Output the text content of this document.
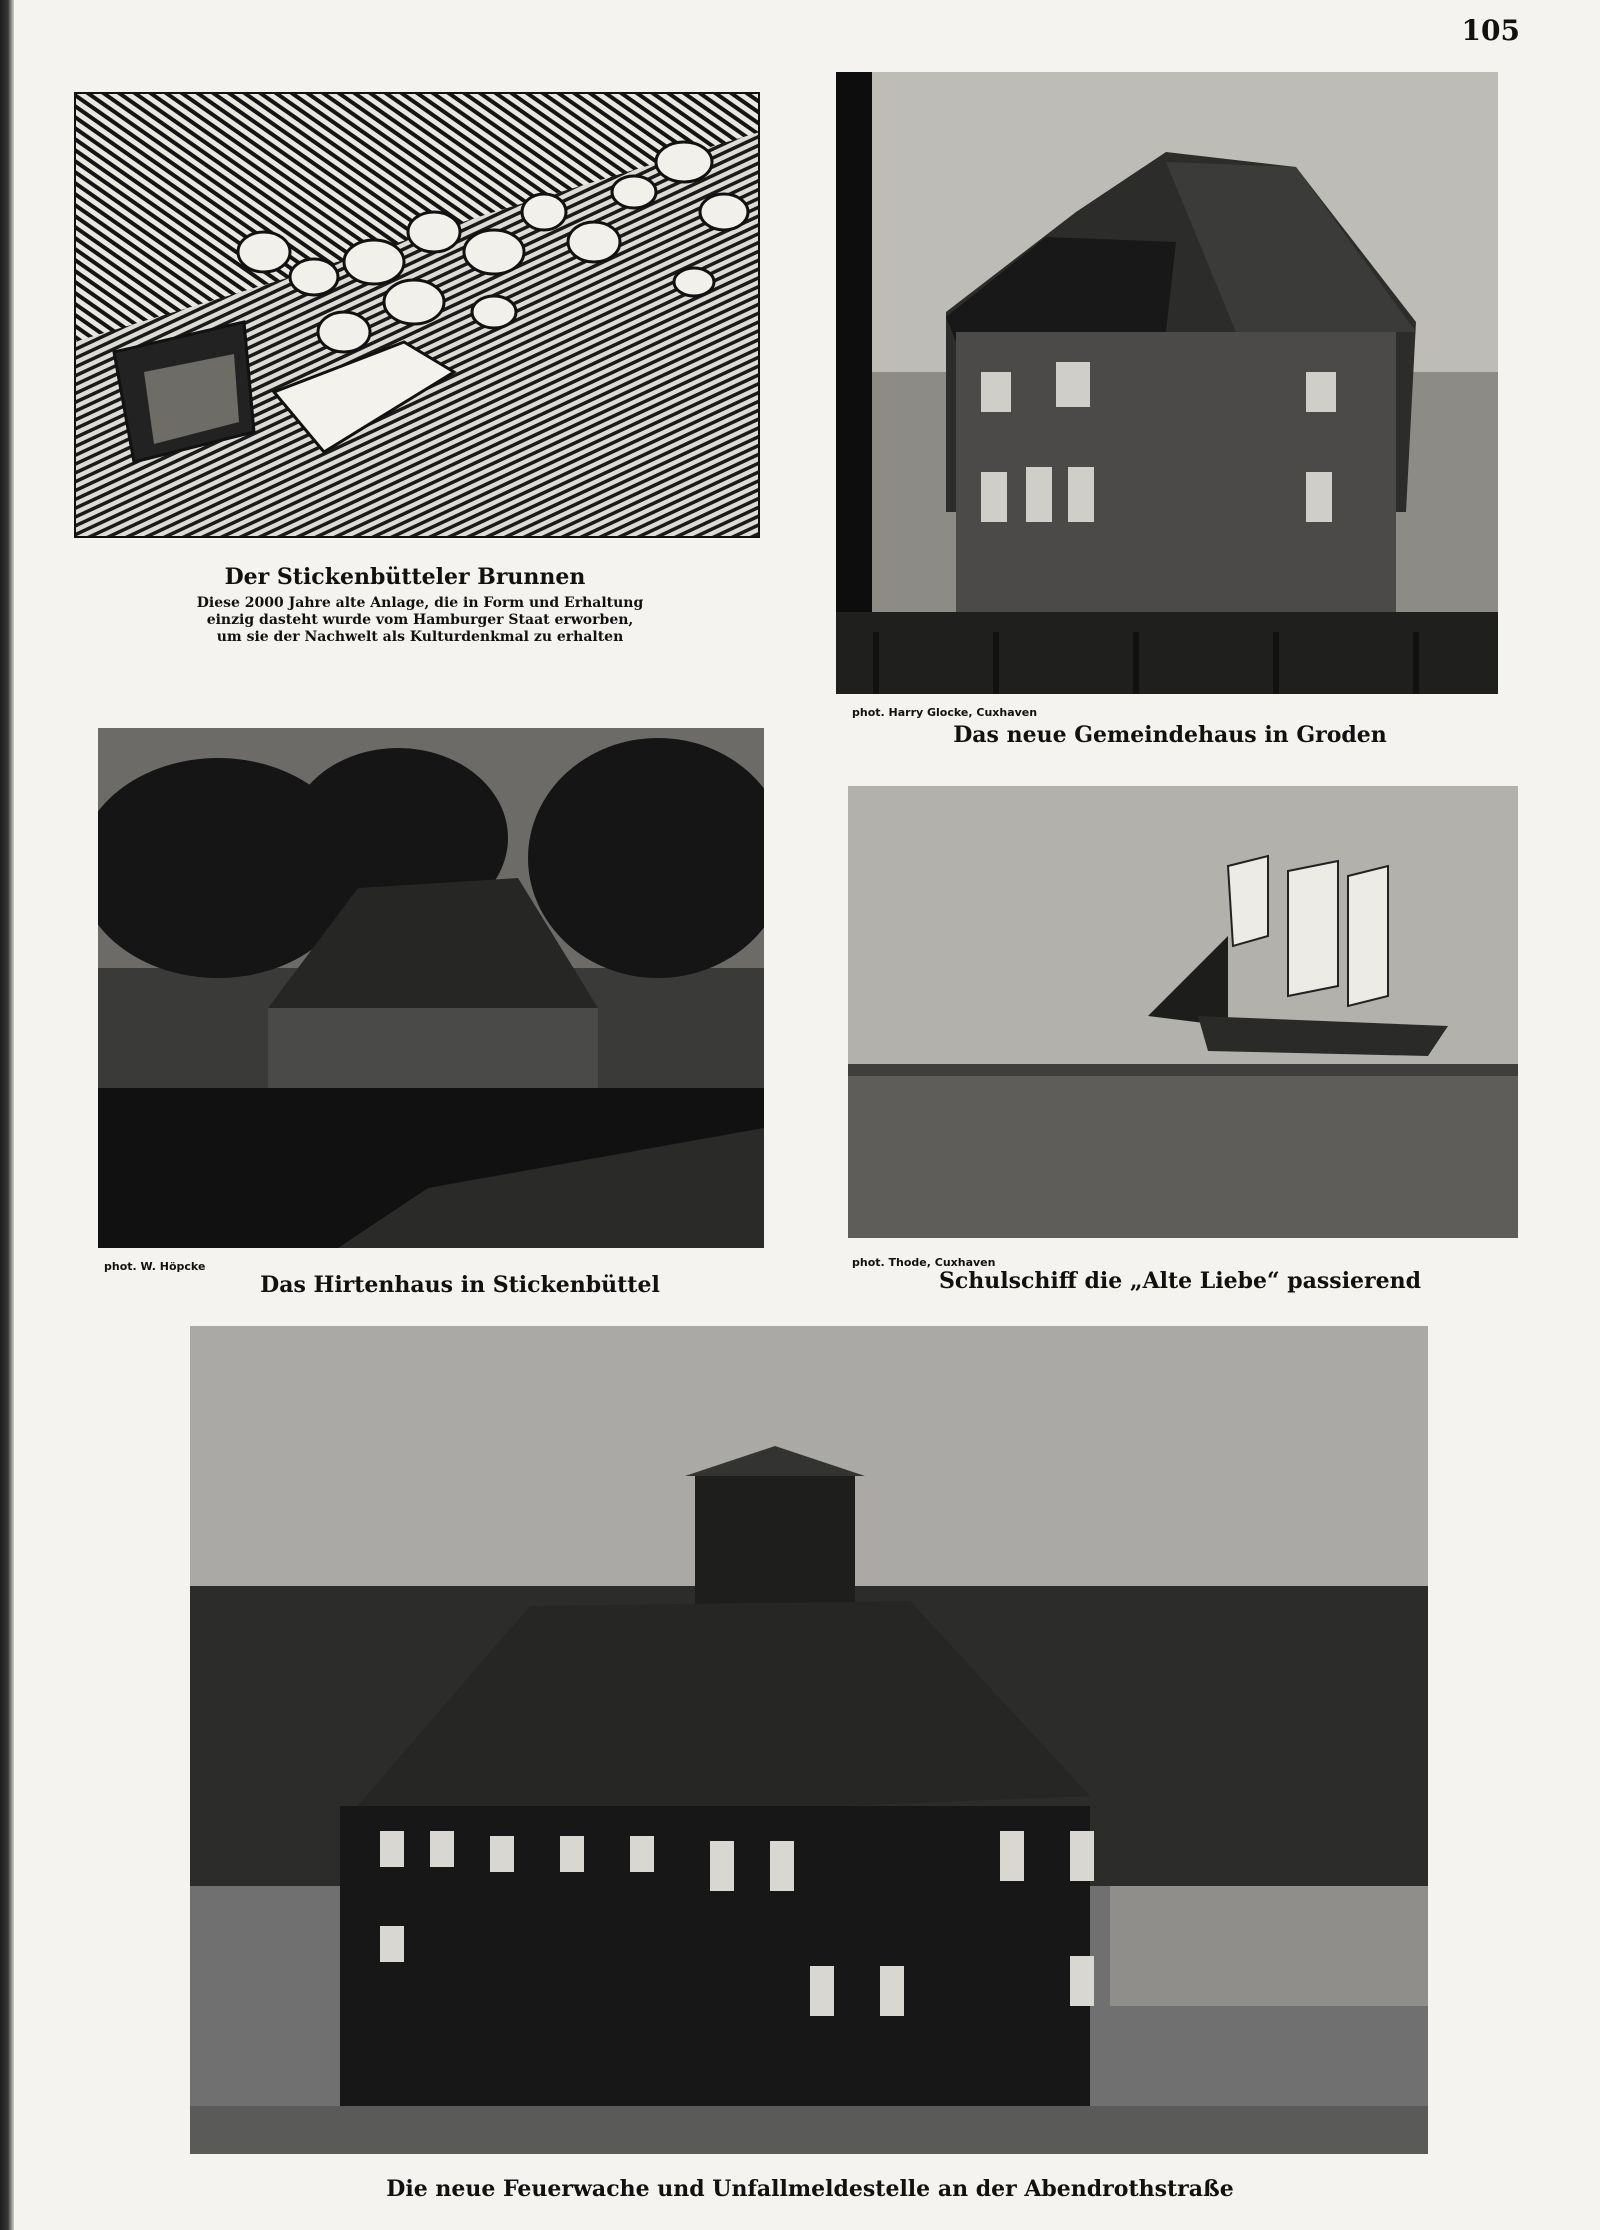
105
Der Stickenbütteler Brunnen
Diese 2000 Jahre alte Anlage, die in Form und Erhaltung
einzig dasteht wurde vom Hamburger Staat erworben,
um sie der Nachwelt als Kulturdenkmal zu erhalten
phot. Harry Glocke, Cuxhaven
Das neue Gemeindehaus in Groden
phot. W. Höpcke
Das Hirtenhaus in Stickenbüttel
phot. Thode, Cuxhaven
Schulschiff die „Alte Liebe“ passierend
Die neue Feuerwache und Unfallmeldestelle an der Abendrothstraße
